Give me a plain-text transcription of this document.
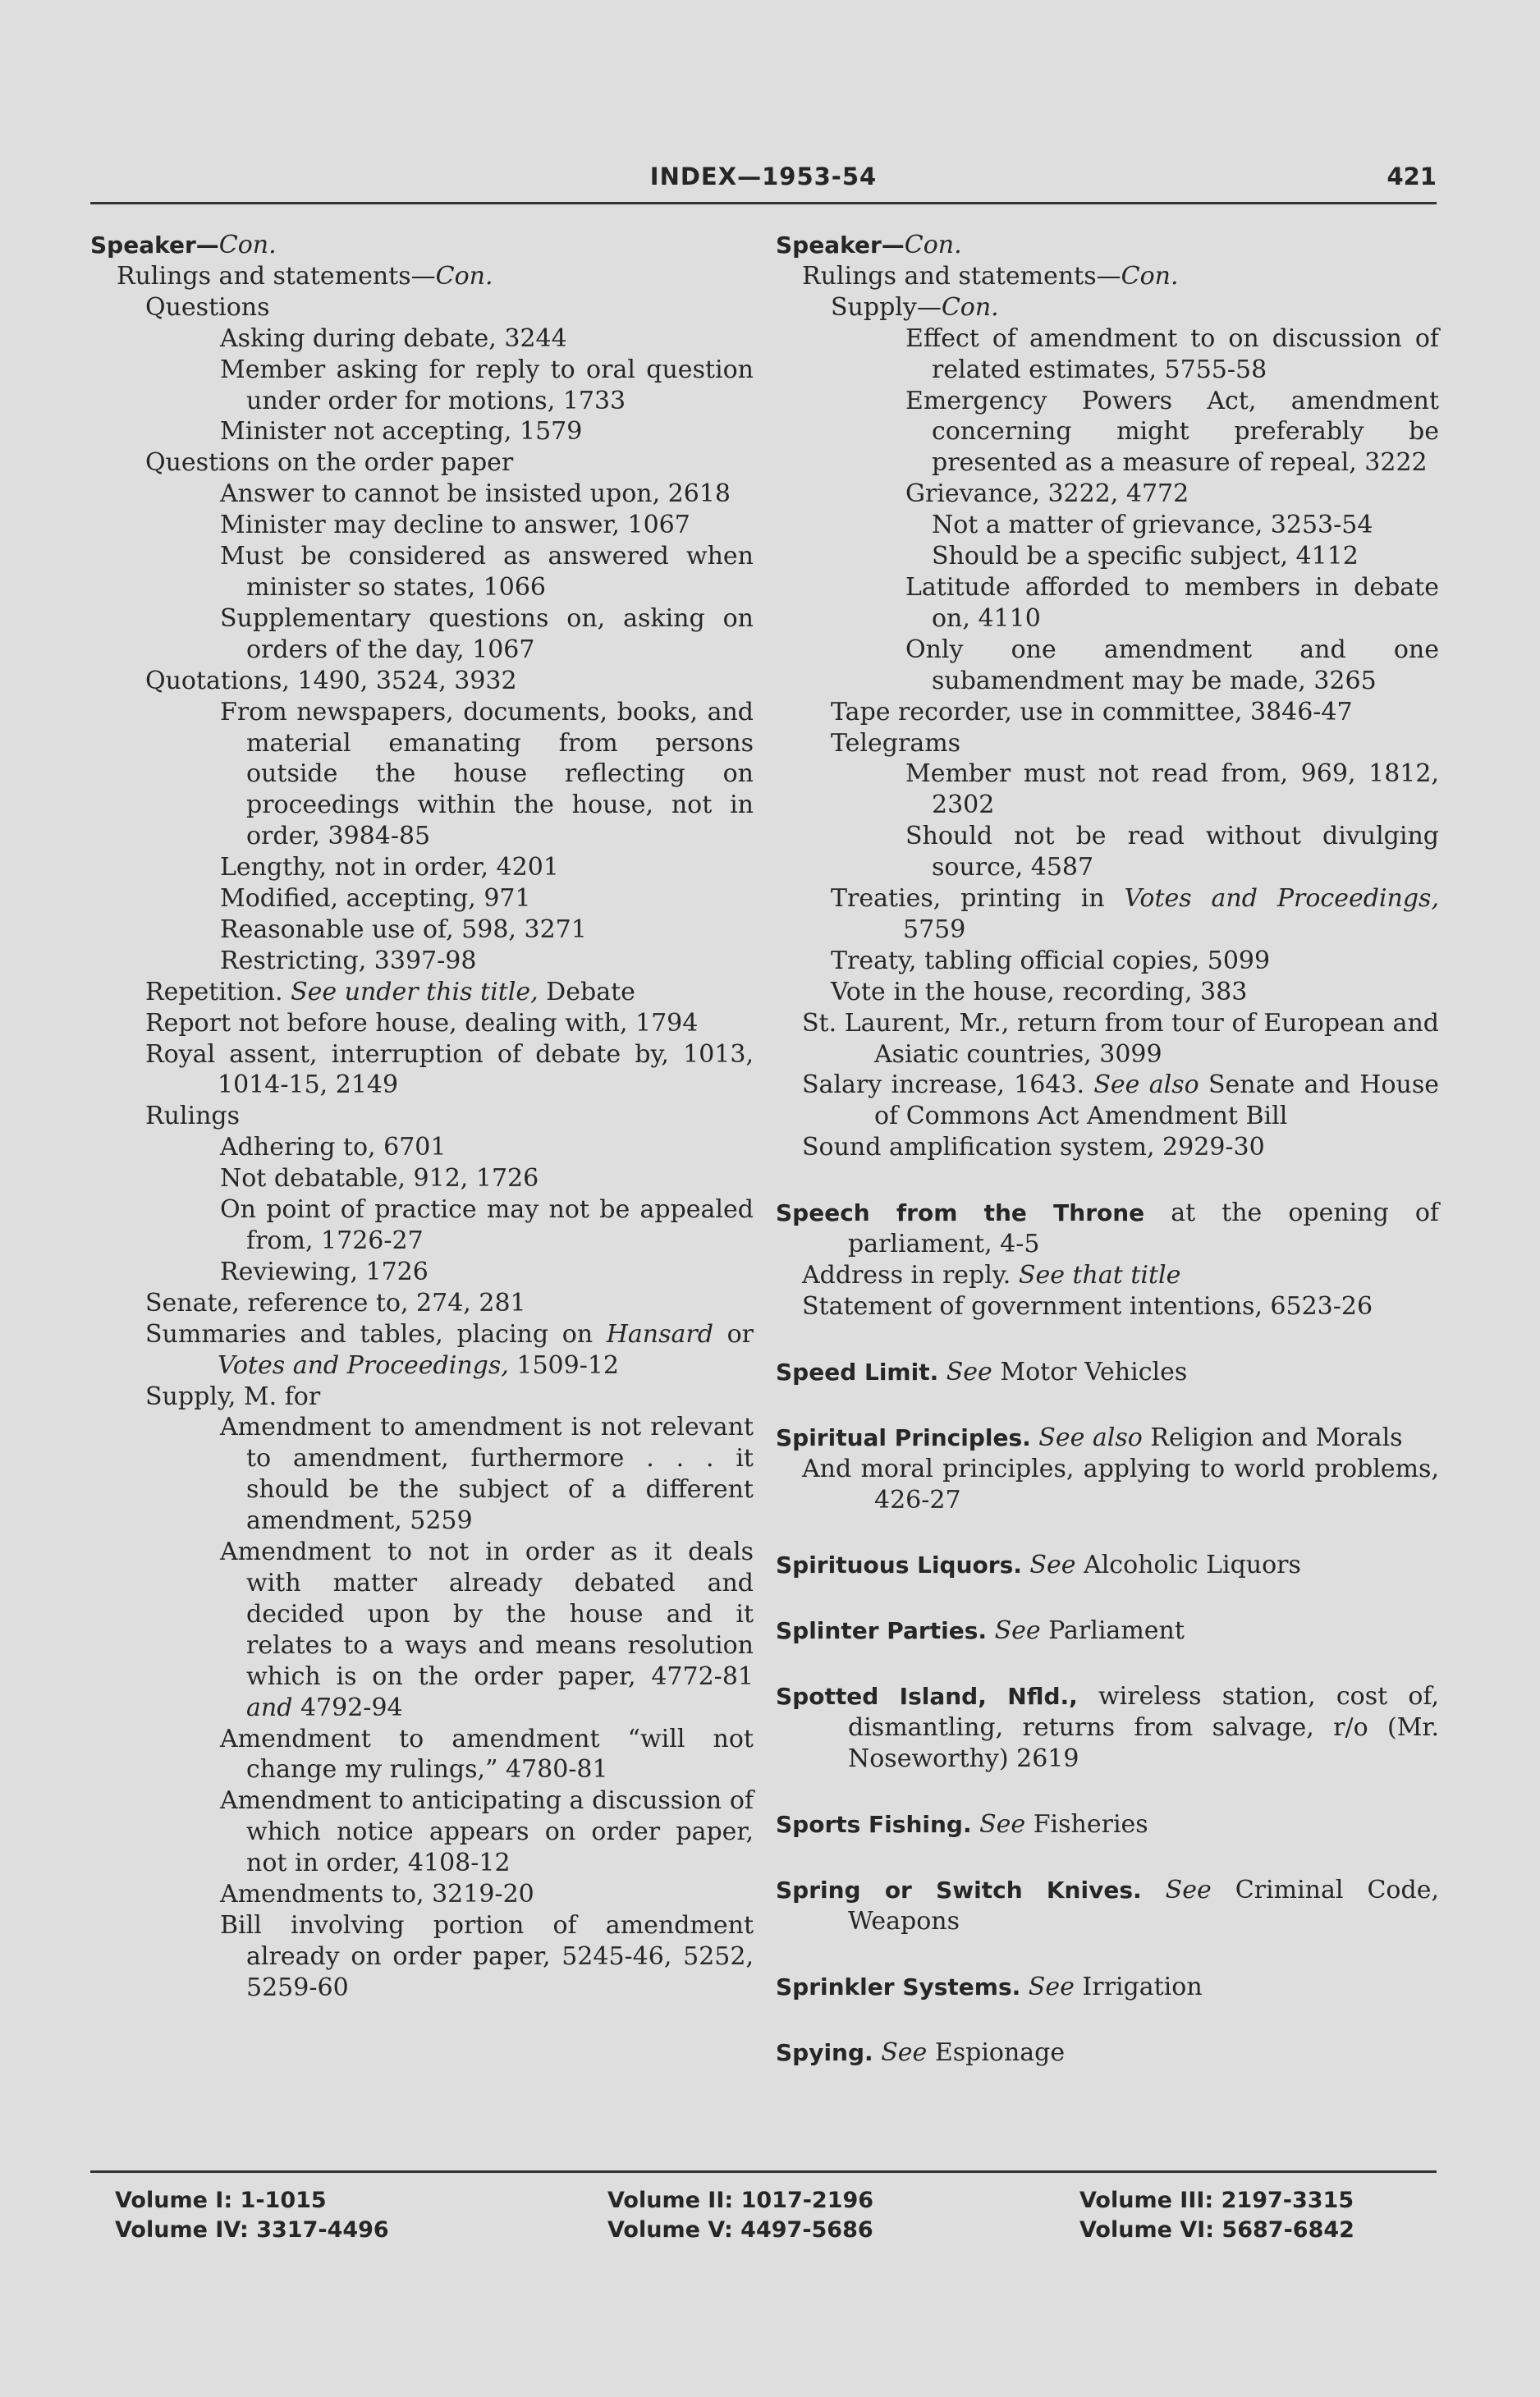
INDEX—1953-54	421
Speaker—Con.
Rulings and statements—Con.
Questions
Asking during debate, 3244
Member asking for reply to oral question under order for motions, 1733
Minister not accepting, 1579
Questions on the order paper
Answer to cannot be insisted upon, 2618
Minister may decline to answer, 1067
Must be considered as answered when minister so states, 1066
Supplementary questions on, asking on orders of the day, 1067
Quotations, 1490, 3524, 3932
From newspapers, documents, books, and material emanating from persons outside the house reflecting on proceedings within the house, not in order, 3984-85
Lengthy, not in order, 4201
Modified, accepting, 971
Reasonable use of, 598, 3271
Restricting, 3397-98
Repetition. See under this title, Debate
Report not before house, dealing with, 1794
Royal assent, interruption of debate by, 1013, 1014-15, 2149
Rulings
Adhering to, 6701
Not debatable, 912, 1726
On point of practice may not be appealed from, 1726-27
Reviewing, 1726
Senate, reference to, 274, 281
Summaries and tables, placing on Hansard or Votes and Proceedings, 1509-12
Supply, M. for
Amendment to amendment is not relevant to amendment, furthermore . . . it should be the subject of a different amendment, 5259
Amendment to not in order as it deals with matter already debated and decided upon by the house and it relates to a ways and means resolution which is on the order paper, 4772-81 and 4792-94
Amendment to amendment “will not change my rulings,” 4780-81
Amendment to anticipating a discussion of which notice appears on order paper, not in order, 4108-12
Amendments to, 3219-20
Bill involving portion of amendment already on order paper, 5245-46, 5252, 5259-60
Speaker—Con.
Rulings and statements—Con.
Supply—Con.
Effect of amendment to on discussion of related estimates, 5755-58
Emergency Powers Act, amendment concerning might preferably be presented as a measure of repeal, 3222
Grievance, 3222, 4772
Not a matter of grievance, 3253-54
Should be a specific subject, 4112
Latitude afforded to members in debate on, 4110
Only one amendment and one subamendment may be made, 3265
Tape recorder, use in committee, 3846-47
Telegrams
Member must not read from, 969, 1812, 2302
Should not be read without divulging source, 4587
Treaties, printing in Votes and Proceedings, 5759
Treaty, tabling official copies, 5099
Vote in the house, recording, 383
St. Laurent, Mr., return from tour of European and Asiatic countries, 3099
Salary increase, 1643. See also Senate and House of Commons Act Amendment Bill
Sound amplification system, 2929-30
Speech from the Throne at the opening of parliament, 4-5
Address in reply. See that title
Statement of government intentions, 6523-26
Speed Limit. See Motor Vehicles
Spiritual Principles. See also Religion and Morals
And moral principles, applying to world problems, 426-27
Spirituous Liquors. See Alcoholic Liquors
Splinter Parties. See Parliament
Spotted Island, Nfld., wireless station, cost of, dismantling, returns from salvage, r/o (Mr. Noseworthy) 2619
Sports Fishing. See Fisheries
Spring or Switch Knives. See Criminal Code, Weapons
Sprinkler Systems. See Irrigation
Spying. See Espionage
Volume I: 1-1015
Volume IV: 3317-4496
Volume II: 1017-2196
Volume V: 4497-5686
Volume III: 2197-3315
Volume VI: 5687-6842
